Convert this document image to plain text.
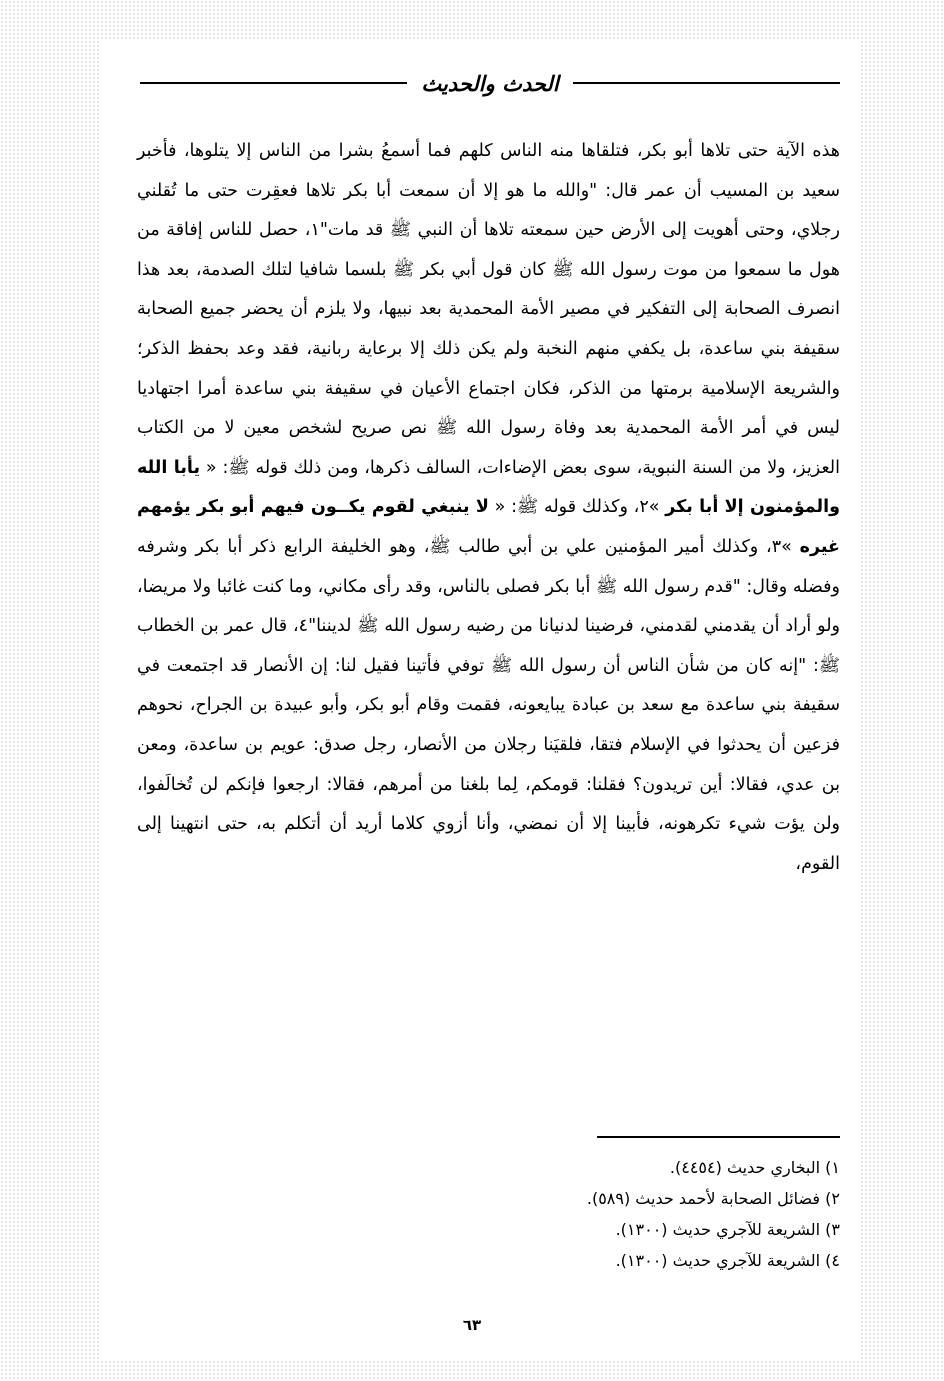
الحدث والحديث

هذه الآية حتى تلاها أبو بكر، فتلقاها منه الناس كلهم فما أسمعُ بشرا من الناس إلا يتلوها، فأخبر سعيد بن المسيب أن عمر قال: "والله ما هو إلا أن سمعت أبا بكر تلاها فعقِرت حتى ما تُقلني رجلاي، وحتى أهويت إلى الأرض حين سمعته تلاها أن النبي ﷺ قد مات"١، حصل للناس إفاقة من هول ما سمعوا من موت رسول الله ﷺ كان قول أبي بكر ﷺ بلسما شافيا لتلك الصدمة، بعد هذا انصرف الصحابة إلى التفكير في مصير الأمة المحمدية بعد نبيها، ولا يلزم أن يحضر جميع الصحابة سقيفة بني ساعدة، بل يكفي منهم النخبة ولم يكن ذلك إلا برعاية ربانية، فقد وعد بحفظ الذكر؛ والشريعة الإسلامية برمتها من الذكر، فكان اجتماع الأعيان في سقيفة بني ساعدة أمرا اجتهاديا ليس في أمر الأمة المحمدية بعد وفاة رسول الله ﷺ نص صريح لشخص معين لا من الكتاب العزيز، ولا من السنة النبوية، سوى بعض الإضاءات، السالف ذكرها، ومن ذلك قوله ﷺ: « يأبا الله والمؤمنون إلا أبا بكر »٢، وكذلك قوله ﷺ: « لا ينبغي لقوم يكــون فيهم أبو بكر يؤمهم غيره »٣، وكذلك أمير المؤمنين علي بن أبي طالب ﷺ، وهو الخليفة الرابع ذكر أبا بكر وشرفه وفضله وقال: "قدم رسول الله ﷺ أبا بكر فصلى بالناس، وقد رأى مكاني، وما كنت غائبا ولا مريضا، ولو أراد أن يقدمني لقدمني، فرضينا لدنيانا من رضيه رسول الله ﷺ لديننا"٤، قال عمر بن الخطاب ﷺ: "إنه كان من شأن الناس أن رسول الله ﷺ توفي فأتينا فقيل لنا: إن الأنصار قد اجتمعت في سقيفة بني ساعدة مع سعد بن عبادة يبايعونه، فقمت وقام أبو بكر، وأبو عبيدة بن الجراح، نحوهم فزعين أن يحدثوا في الإسلام فتقا، فلقيَنا رجلان من الأنصار، رجل صدق: عويم بن ساعدة، ومعن بن عدي، فقالا: أين تريدون؟ فقلنا: قومكم، لِما بلغنا من أمرهم، فقالا: ارجعوا فإنكم لن تُخالَفوا، ولن يؤت شيء تكرهونه، فأبينا إلا أن نمضي، وأنا أزوي كلاما أريد أن أتكلم به، حتى انتهينا إلى القوم،

١) البخاري حديث (٤٤٥٤).
٢) فضائل الصحابة لأحمد حديث (٥٨٩).
٣) الشريعة للآجري حديث (١٣٠٠).
٤) الشريعة للآجري حديث (١٣٠٠).
٦٣
